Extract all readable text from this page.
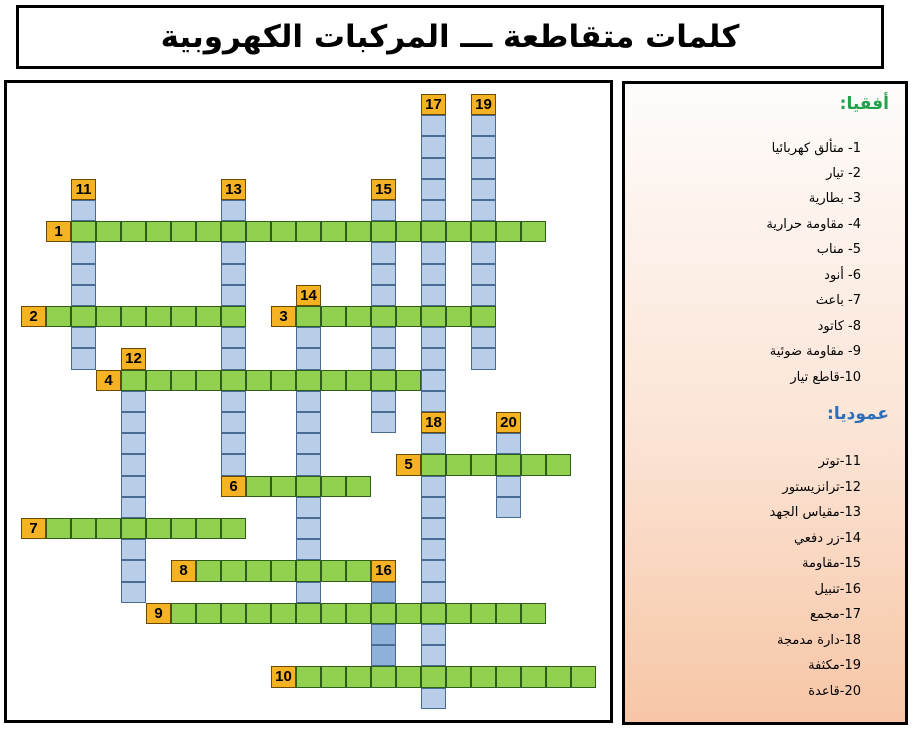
كلمات متقاطعة ـــ المركبات الكهروبية
11	13	15
17 19
1
14
2	3
12
4
18	20
5
6
7
8	16
9
10
أفقيا:
1- متألق كهربائيا
2- تيار
3- بطارية
4- مقاومة حرارية
5- مناب
6- أنود
7- باعث
8- كاتود
9- مقاومة ضوئية
10-قاطع تيار
عموديا:
11-توتر
12-ترانزيستور
13-مقياس الجهد
14-زر دفعي
15-مقاومة
16-تنبيل
17-مجمع
18-دارة مدمجة
19-مكثفة
20-قاعدة
